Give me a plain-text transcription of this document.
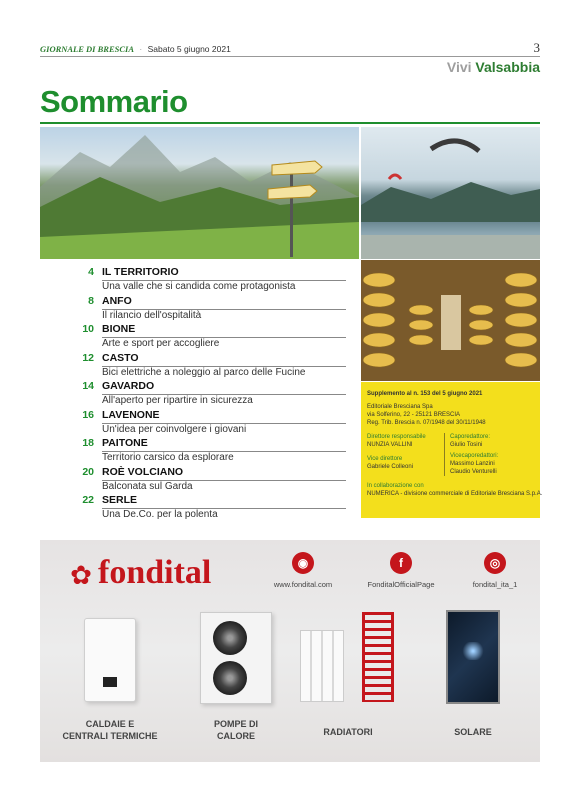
GIORNALE DI BRESCIA · Sabato 5 giugno 2021	3
Vivi Valsabbia
Sommario
4 IL TERRITORIO
Una valle che si candida come protagonista
8 ANFO
Il rilancio dell'ospitalità
10 BIONE
Arte e sport per accogliere
12 CASTO
Bici elettriche a noleggio al parco delle Fucine
14 GAVARDO
All'aperto per ripartire in sicurezza
16 LAVENONE
Un'idea per coinvolgere i giovani
18 PAITONE
Territorio carsico da esplorare
20 ROÈ VOLCIANO
Balconata sul Garda
22 SERLE
Una De.Co. per la polenta
Supplemento al n. 153 del 5 giugno 2021
Editoriale Bresciana Spa
via Solferino, 22 - 25121 BRESCIA
Reg. Trib. Brescia n. 07/1948 del 30/11/1948
Direttore responsabile
NUNZIA VALLINI
Vice direttore
Gabriele Colleoni
Caporedattore:
Giulio Tosini
Vicecaporedattori:
Massimo Lanzini
Claudio Venturelli
In collaborazione con
NUMERICA - divisione commerciale di Editoriale Bresciana S.p.A.
✿ fondital	◉
www.fondital.com
f
FonditalOfficialPage
◎
fondital_ita_1
CALDAIE E
CENTRALI TERMICHE
POMPE DI
CALORE	RADIATORI	SOLARE
